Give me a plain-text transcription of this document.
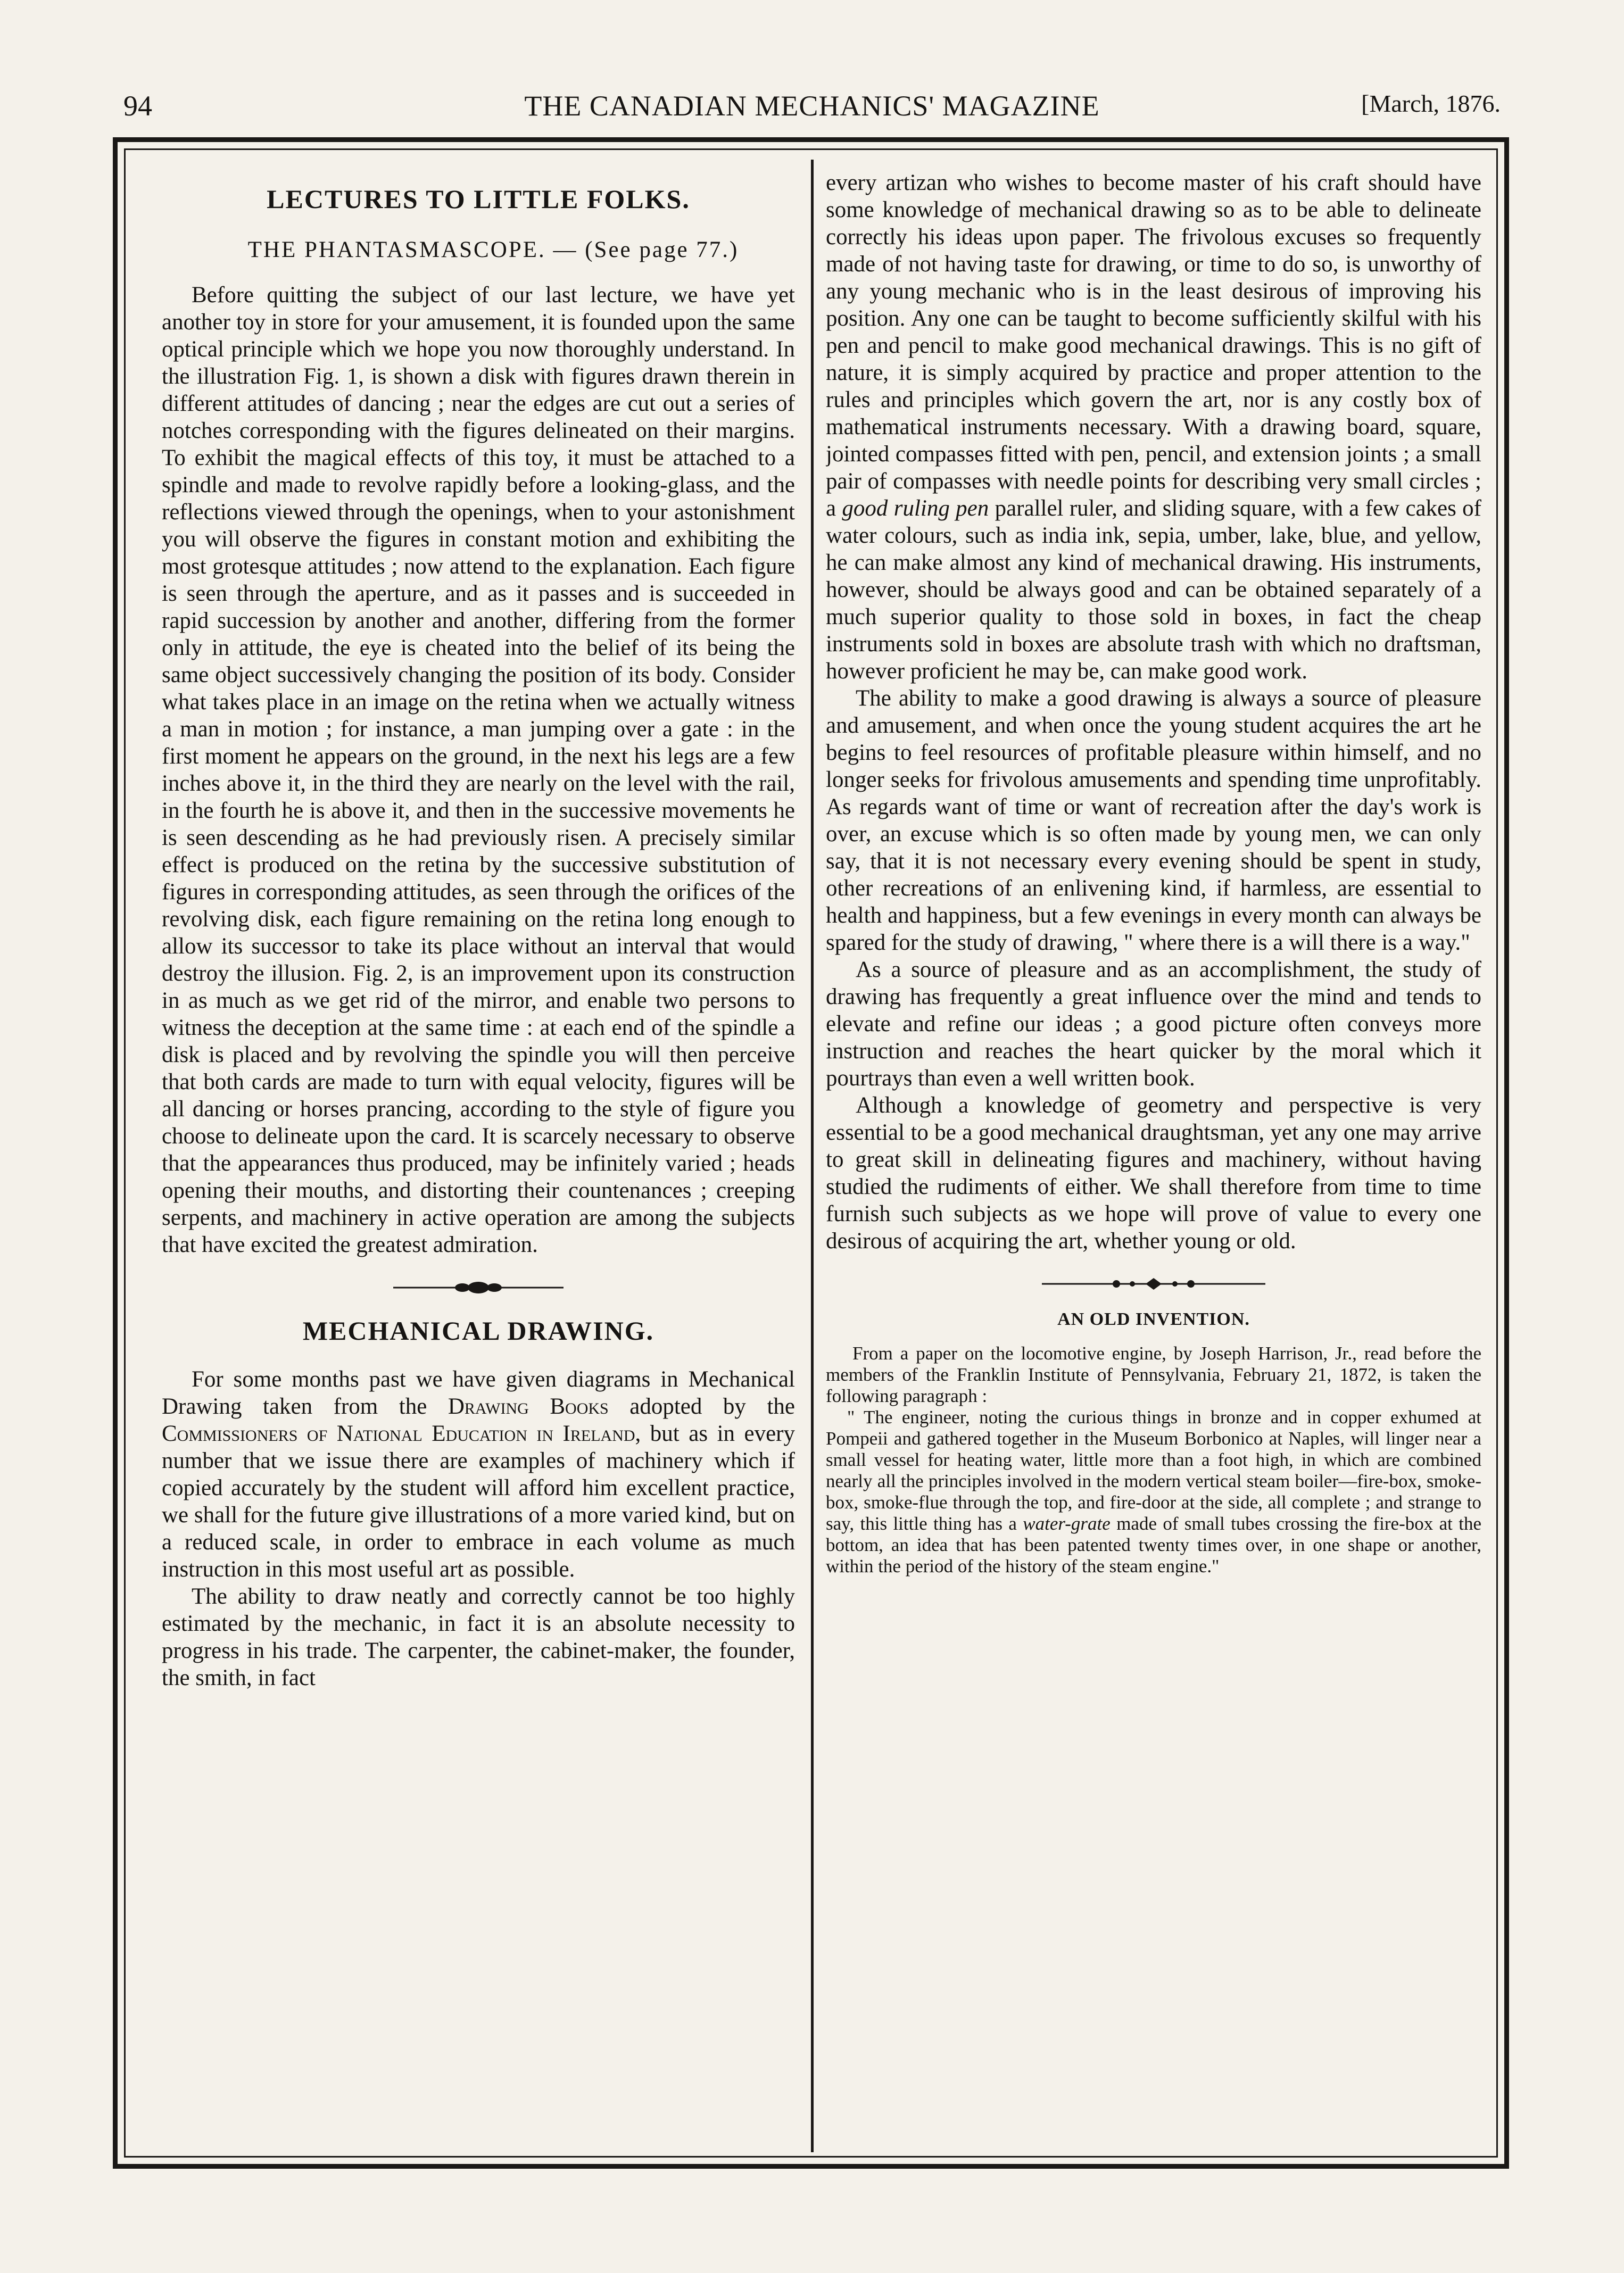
94	THE CANADIAN MECHANICS' MAGAZINE	[March, 1876.
LECTURES TO LITTLE FOLKS.

THE PHANTASMASCOPE. — (See page 77.)

Before quitting the subject of our last lecture, we have yet another toy in store for your amusement, it is founded upon the same optical principle which we hope you now thoroughly understand. In the illustration Fig. 1, is shown a disk with figures drawn therein in different attitudes of dancing ; near the edges are cut out a series of notches corresponding with the figures delineated on their margins. To exhibit the magical effects of this toy, it must be attached to a spindle and made to revolve rapidly before a looking-glass, and the reflections viewed through the openings, when to your astonishment you will observe the figures in constant motion and exhibiting the most grotesque attitudes ; now attend to the explanation. Each figure is seen through the aperture, and as it passes and is succeeded in rapid succession by another and another, differing from the former only in attitude, the eye is cheated into the belief of its being the same object successively changing the position of its body. Consider what takes place in an image on the retina when we actually witness a man in motion ; for instance, a man jumping over a gate : in the first moment he appears on the ground, in the next his legs are a few inches above it, in the third they are nearly on the level with the rail, in the fourth he is above it, and then in the successive movements he is seen descending as he had previously risen. A precisely similar effect is produced on the retina by the successive substitution of figures in corresponding attitudes, as seen through the orifices of the revolving disk, each figure remaining on the retina long enough to allow its successor to take its place without an interval that would destroy the illusion. Fig. 2, is an improvement upon its construction in as much as we get rid of the mirror, and enable two persons to witness the deception at the same time : at each end of the spindle a disk is placed and by revolving the spindle you will then perceive that both cards are made to turn with equal velocity, figures will be all dancing or horses prancing, according to the style of figure you choose to delineate upon the card. It is scarcely necessary to observe that the appearances thus produced, may be infinitely varied ; heads opening their mouths, and distorting their countenances ; creeping serpents, and machinery in active operation are among the subjects that have excited the greatest admiration.

MECHANICAL DRAWING.

For some months past we have given diagrams in Mechanical Drawing taken from the Drawing Books adopted by the Commissioners of National Education in Ireland, but as in every number that we issue there are examples of machinery which if copied accurately by the student will afford him excellent practice, we shall for the future give illustrations of a more varied kind, but on a reduced scale, in order to embrace in each volume as much instruction in this most useful art as possible.

The ability to draw neatly and correctly cannot be too highly estimated by the mechanic, in fact it is an absolute necessity to progress in his trade. The carpenter, the cabinet-maker, the founder, the smith, in fact

every artizan who wishes to become master of his craft should have some knowledge of mechanical drawing so as to be able to delineate correctly his ideas upon paper. The frivolous excuses so frequently made of not having taste for drawing, or time to do so, is unworthy of any young mechanic who is in the least desirous of improving his position. Any one can be taught to become sufficiently skilful with his pen and pencil to make good mechanical drawings. This is no gift of nature, it is simply acquired by practice and proper attention to the rules and principles which govern the art, nor is any costly box of mathematical instruments necessary. With a drawing board, square, jointed compasses fitted with pen, pencil, and extension joints ; a small pair of compasses with needle points for describing very small circles ; a good ruling pen parallel ruler, and sliding square, with a few cakes of water colours, such as india ink, sepia, umber, lake, blue, and yellow, he can make almost any kind of mechanical drawing. His instruments, however, should be always good and can be obtained separately of a much superior quality to those sold in boxes, in fact the cheap instruments sold in boxes are absolute trash with which no draftsman, however proficient he may be, can make good work.

The ability to make a good drawing is always a source of pleasure and amusement, and when once the young student acquires the art he begins to feel resources of profitable pleasure within himself, and no longer seeks for frivolous amusements and spending time unprofitably. As regards want of time or want of recreation after the day's work is over, an excuse which is so often made by young men, we can only say, that it is not necessary every evening should be spent in study, other recreations of an enlivening kind, if harmless, are essential to health and happiness, but a few evenings in every month can always be spared for the study of drawing, " where there is a will there is a way."

As a source of pleasure and as an accomplishment, the study of drawing has frequently a great influence over the mind and tends to elevate and refine our ideas ; a good picture often conveys more instruction and reaches the heart quicker by the moral which it pourtrays than even a well written book.

Although a knowledge of geometry and perspective is very essential to be a good mechanical draughtsman, yet any one may arrive to great skill in delineating figures and machinery, without having studied the rudiments of either. We shall therefore from time to time furnish such subjects as we hope will prove of value to every one desirous of acquiring the art, whether young or old.

AN OLD INVENTION.

From a paper on the locomotive engine, by Joseph Harrison, Jr., read before the members of the Franklin Institute of Pennsylvania, February 21, 1872, is taken the following paragraph :

" The engineer, noting the curious things in bronze and in copper exhumed at Pompeii and gathered together in the Museum Borbonico at Naples, will linger near a small vessel for heating water, little more than a foot high, in which are combined nearly all the principles involved in the modern vertical steam boiler—fire-box, smoke-box, smoke-flue through the top, and fire-door at the side, all complete ; and strange to say, this little thing has a water-grate made of small tubes crossing the fire-box at the bottom, an idea that has been patented twenty times over, in one shape or another, within the period of the history of the steam engine."
